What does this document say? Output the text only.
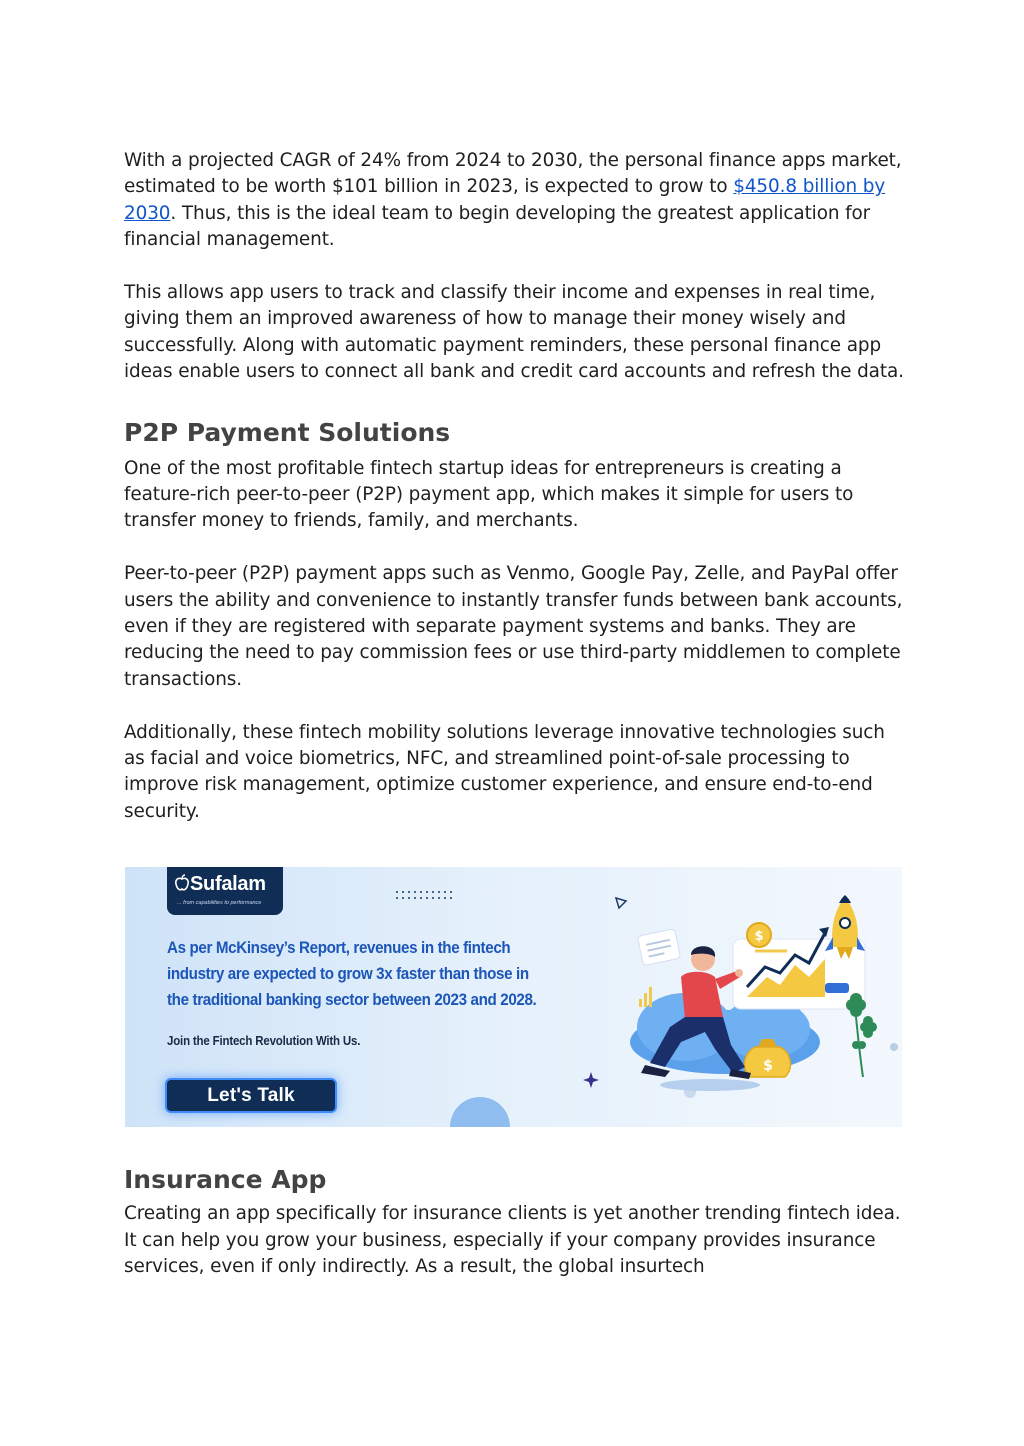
With a projected CAGR of 24% from 2024 to 2030, the personal finance apps market, estimated to be worth $101 billion in 2023, is expected to grow to $450.8 billion by 2030. Thus, this is the ideal team to begin developing the greatest application for financial management.

This allows app users to track and classify their income and expenses in real time, giving them an improved awareness of how to manage their money wisely and successfully. Along with automatic payment reminders, these personal finance app ideas enable users to connect all bank and credit card accounts and refresh the data.

P2P Payment Solutions

One of the most profitable fintech startup ideas for entrepreneurs is creating a feature-rich peer-to-peer (P2P) payment app, which makes it simple for users to transfer money to friends, family, and merchants.

Peer-to-peer (P2P) payment apps such as Venmo, Google Pay, Zelle, and PayPal offer users the ability and convenience to instantly transfer funds between bank accounts, even if they are registered with separate payment systems and banks. They are reducing the need to pay commission fees or use third-party middlemen to complete transactions.

Additionally, these fintech mobility solutions leverage innovative technologies such as facial and voice biometrics, NFC, and streamlined point-of-sale processing to improve risk management, optimize customer experience, and ensure end-to-end security.

Sufalam
... from capabilities to performance
As per McKinsey’s Report, revenues in the fintech
industry are expected to grow 3x faster than those in
the traditional banking sector between 2023 and 2028.
Join the Fintech Revolution With Us.
Let's Talk
$
$
Insurance App

Creating an app specifically for insurance clients is yet another trending fintech idea. It can help you grow your business, especially if your company provides insurance services, even if only indirectly. As a result, the global insurtech
